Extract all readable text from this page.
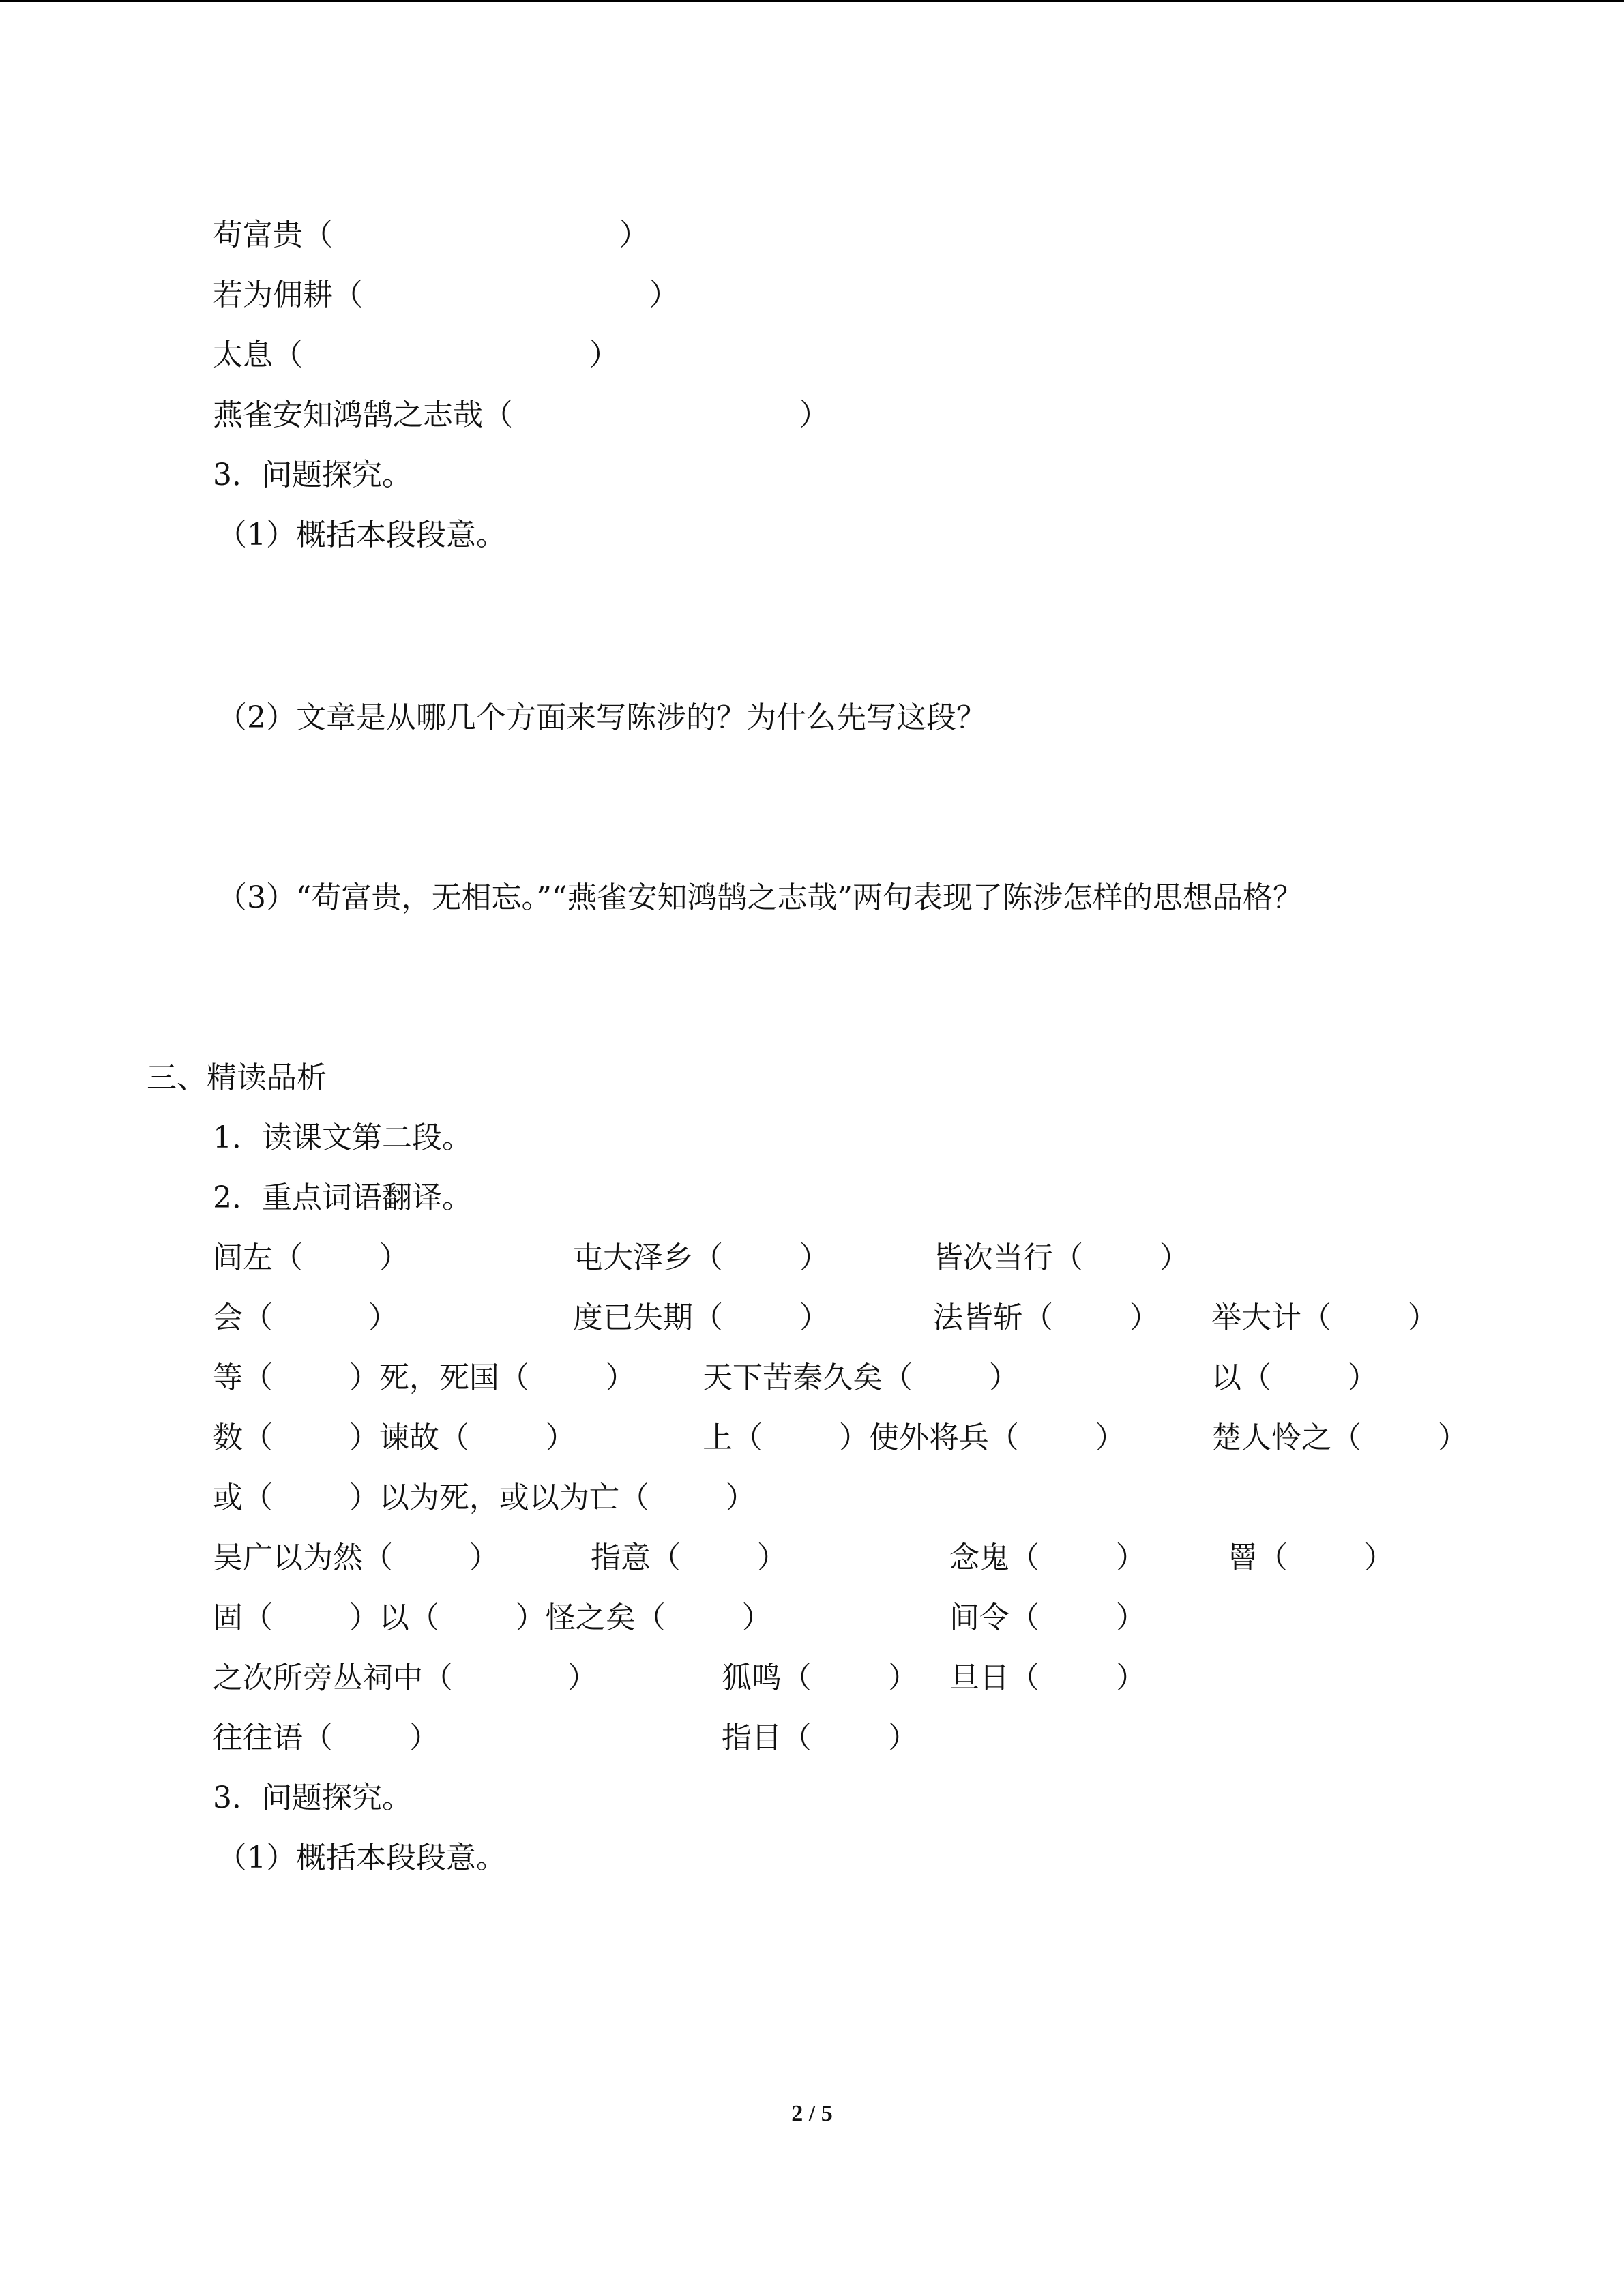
苟富贵（                              ）
若为佣耕（                              ）
太息（                              ）
燕雀安知鸿鹄之志哉（                              ）
3．问题探究。
（1）概括本段段意。
（2）文章是从哪几个方面来写陈涉的？为什么先写这段？
（3）“苟富贵，无相忘。”“燕雀安知鸿鹄之志哉”两句表现了陈涉怎样的思想品格？
三、精读品析
1．读课文第二段。
2．重点词语翻译。
闾左（        ）	屯大泽乡（        ）	皆次当行（        ）
会（          ）	度已失期（        ）	法皆斩（        ） 举大计（        ）
等（        ）死，死国（        ） 天下苦秦久矣（        ）	以（        ）
数（        ）谏故（        ）	上（        ）使外将兵（        ）	楚人怜之（        ）
或（        ）以为死，或以为亡（        ）
吴广以为然（        ）	指意（        ）	念鬼（        ）	罾（        ）
固（        ）以（        ）怪之矣（        ）	间令（        ）
之次所旁丛祠中（            ）	狐鸣（        ） 旦日（        ）
往往语（        ）	指目（        ）
3．问题探究。
（1）概括本段段意。
2 / 5
